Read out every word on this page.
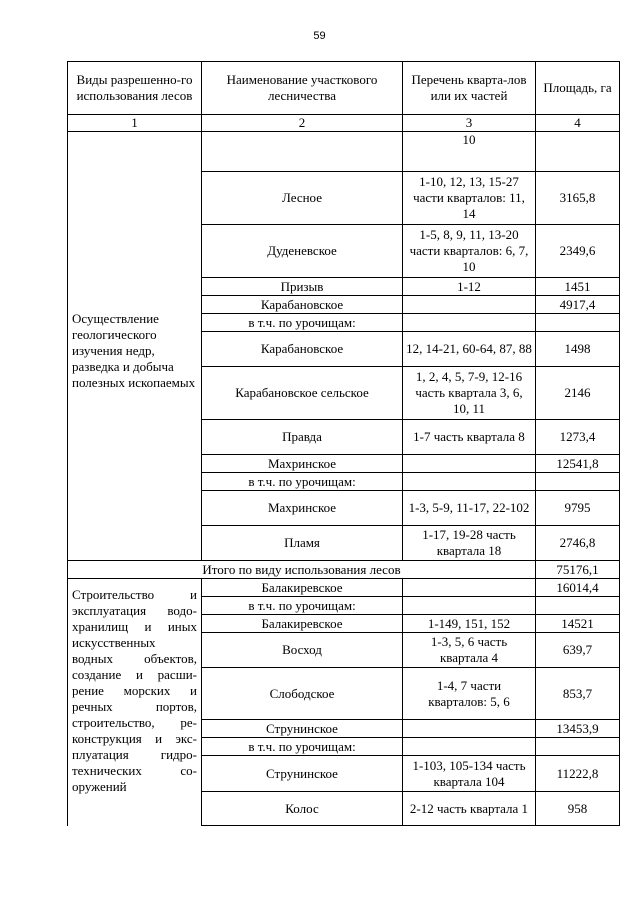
59
Виды разрешенно-го использования лесов	Наименование участкового лесничества	Перечень кварта-лов или их частей	Площадь, га
1	2	3	4
Осуществление геологического изучения недр, разведка и добыча полезных ископаемых		10	
	Лесное	1-10, 12, 13, 15-27 части кварталов: 11, 14	3165,8
	Дуденевское	1-5, 8, 9, 11, 13-20 части кварталов: 6, 7, 10	2349,6
	Призыв	1-12	1451
	Карабановское		4917,4
	в т.ч. по урочищам:		
	Карабановское	12, 14-21, 60-64, 87, 88	1498
	Карабановское сельское	1, 2, 4, 5, 7-9, 12-16 часть квартала 3, 6, 10, 11	2146
	Правда	1-7 часть квартала 8	1273,4
	Махринское		12541,8
	в т.ч. по урочищам:		
	Махринское	1-3, 5-9, 11-17, 22-102	9795
	Пламя	1-17, 19-28 часть квартала 18	2746,8
Итого по виду использования лесов			75176,1
Строительство и эксплуатация водо-хранилищ и иных искусственных водных объектов, создание и расши-рение морских и речных портов, строительство, ре-конструкция и экс-плуатация гидро-технических со-оружений	Балакиревское		16014,4
	в т.ч. по урочищам:		
	Балакиревское	1-149, 151, 152	14521
	Восход	1-3, 5, 6 часть квартала 4	639,7
	Слободское	1-4, 7 части кварталов: 5, 6	853,7
	Струнинское		13453,9
	в т.ч. по урочищам:		
	Струнинское	1-103, 105-134 часть квартала 104	11222,8
	Колос	2-12 часть квартала 1	958
